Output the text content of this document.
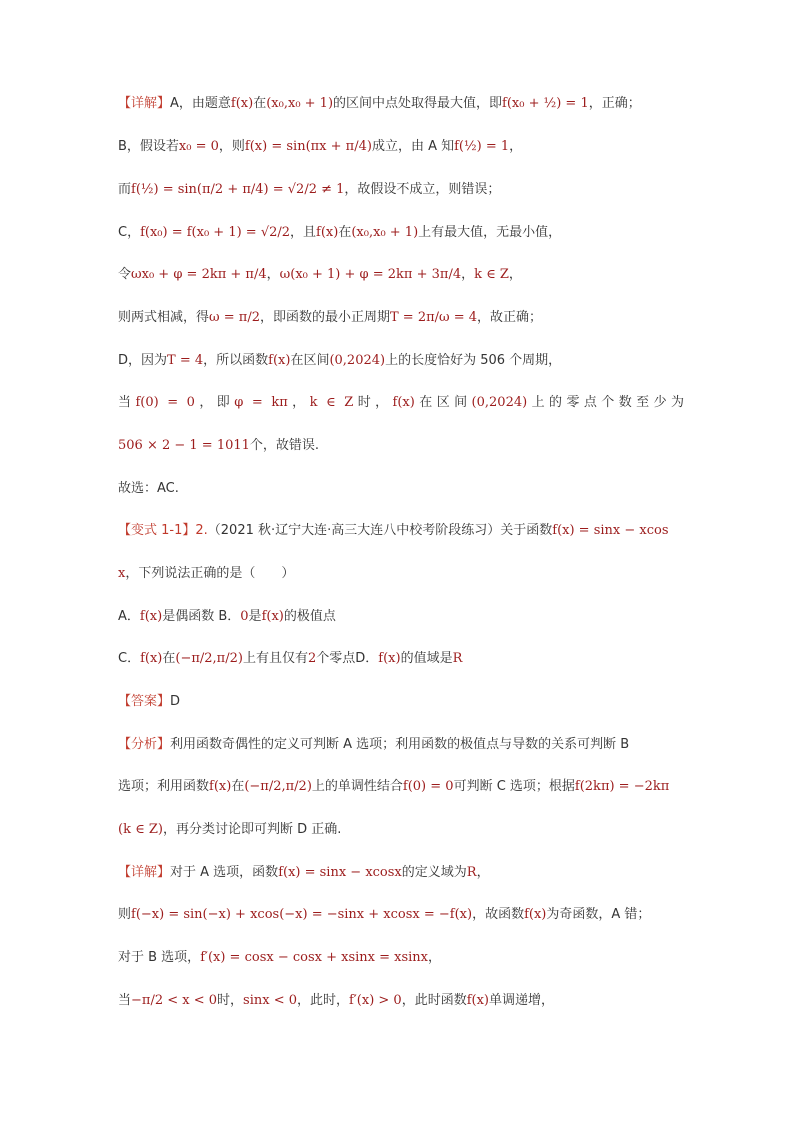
【详解】A，由题意f(x)在(x₀,x₀ + 1)的区间中点处取得最大值，即f(x₀ + ½) = 1，正确；
B，假设若x₀ = 0，则f(x) = sin(πx + π/4)成立，由 A 知f(½) = 1，
而f(½) = sin(π/2 + π/4) = √2/2 ≠ 1，故假设不成立，则错误；
C，f(x₀) = f(x₀ + 1) = √2/2，且f(x)在(x₀,x₀ + 1)上有最大值，无最小值，
令ωx₀ + φ = 2kπ + π/4，ω(x₀ + 1) + φ = 2kπ + 3π/4，k ∈ Z，
则两式相减，得ω = π/2，即函数的最小正周期T = 2π/ω = 4，故正确；
D，因为T = 4，所以函数f(x)在区间(0,2024)上的长度恰好为 506 个周期，
当f(0) = 0，即φ = kπ，k ∈ Z时，f(x)在区间(0,2024)上的零点个数至少为
506 × 2 − 1 = 1011个，故错误.
故选：AC.
【变式 1-1】2.（2021 秋·辽宁大连·高三大连八中校考阶段练习）关于函数f(x) = sinx − xcos
x，下列说法正确的是（　　）
A．f(x)是偶函数 B．0是f(x)的极值点
C．f(x)在(−π/2,π/2)上有且仅有2个零点D．f(x)的值域是R
【答案】D
【分析】利用函数奇偶性的定义可判断 A 选项；利用函数的极值点与导数的关系可判断 B
选项；利用函数f(x)在(−π/2,π/2)上的单调性结合f(0) = 0可判断 C 选项；根据f(2kπ) = −2kπ
(k ∈ Z)，再分类讨论即可判断 D 正确.
【详解】对于 A 选项，函数f(x) = sinx − xcosx的定义域为R，
则f(−x) = sin(−x) + xcos(−x) = −sinx + xcosx = −f(x)，故函数f(x)为奇函数，A 错；
对于 B 选项，f′(x) = cosx − cosx + xsinx = xsinx，
当−π/2 < x < 0时，sinx < 0，此时，f′(x) > 0，此时函数f(x)单调递增，
